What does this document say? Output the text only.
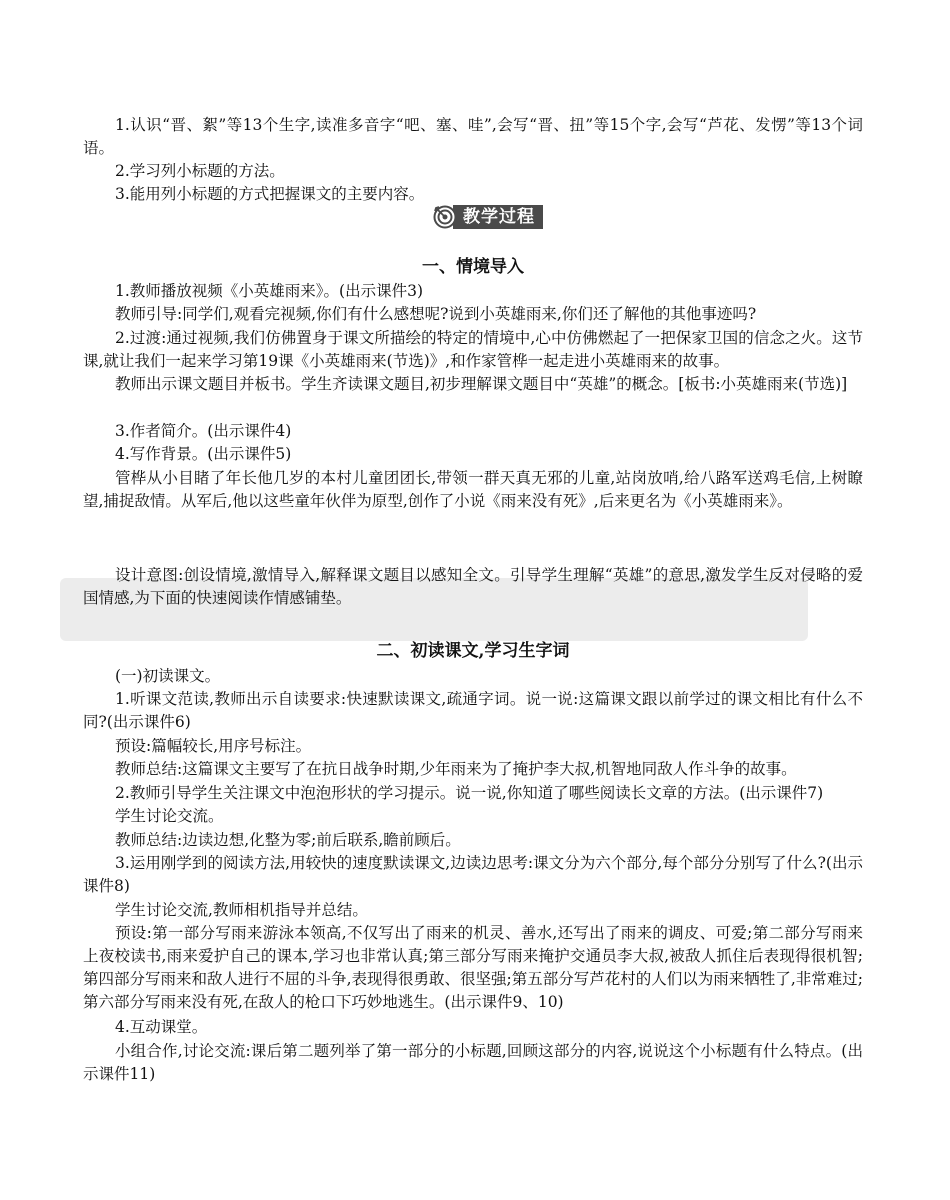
1.认识“晋、絮”等13个生字,读准多音字“吧、塞、哇”,会写“晋、扭”等15个字,会写“芦花、发愣”等13个词语。

2.学习列小标题的方法。

3.能用列小标题的方式把握课文的主要内容。

教学过程
一、情境导入

1.教师播放视频《小英雄雨来》。(出示课件3)

教师引导:同学们,观看完视频,你们有什么感想呢?说到小英雄雨来,你们还了解他的其他事迹吗?

2.过渡:通过视频,我们仿佛置身于课文所描绘的特定的情境中,心中仿佛燃起了一把保家卫国的信念之火。这节课,就让我们一起来学习第19课《小英雄雨来(节选)》,和作家管桦一起走进小英雄雨来的故事。

教师出示课文题目并板书。学生齐读课文题目,初步理解课文题目中“英雄”的概念。[板书:小英雄雨来(节选)]

3.作者简介。(出示课件4)

4.写作背景。(出示课件5)

管桦从小目睹了年长他几岁的本村儿童团团长,带领一群天真无邪的儿童,站岗放哨,给八路军送鸡毛信,上树瞭望,捕捉敌情。从军后,他以这些童年伙伴为原型,创作了小说《雨来没有死》,后来更名为《小英雄雨来》。

设计意图:创设情境,激情导入,解释课文题目以感知全文。引导学生理解“英雄”的意思,激发学生反对侵略的爱国情感,为下面的快速阅读作情感铺垫。

二、初读课文,学习生字词

(一)初读课文。

1.听课文范读,教师出示自读要求:快速默读课文,疏通字词。说一说:这篇课文跟以前学过的课文相比有什么不同?(出示课件6)

预设:篇幅较长,用序号标注。

教师总结:这篇课文主要写了在抗日战争时期,少年雨来为了掩护李大叔,机智地同敌人作斗争的故事。

2.教师引导学生关注课文中泡泡形状的学习提示。说一说,你知道了哪些阅读长文章的方法。(出示课件7)

学生讨论交流。

教师总结:边读边想,化整为零;前后联系,瞻前顾后。

3.运用刚学到的阅读方法,用较快的速度默读课文,边读边思考:课文分为六个部分,每个部分分别写了什么?(出示课件8)

学生讨论交流,教师相机指导并总结。

预设:第一部分写雨来游泳本领高,不仅写出了雨来的机灵、善水,还写出了雨来的调皮、可爱;第二部分写雨来上夜校读书,雨来爱护自己的课本,学习也非常认真;第三部分写雨来掩护交通员李大叔,被敌人抓住后表现得很机智;第四部分写雨来和敌人进行不屈的斗争,表现得很勇敢、很坚强;第五部分写芦花村的人们以为雨来牺牲了,非常难过;第六部分写雨来没有死,在敌人的枪口下巧妙地逃生。(出示课件9、10)

4.互动课堂。

小组合作,讨论交流:课后第二题列举了第一部分的小标题,回顾这部分的内容,说说这个小标题有什么特点。(出示课件11)
